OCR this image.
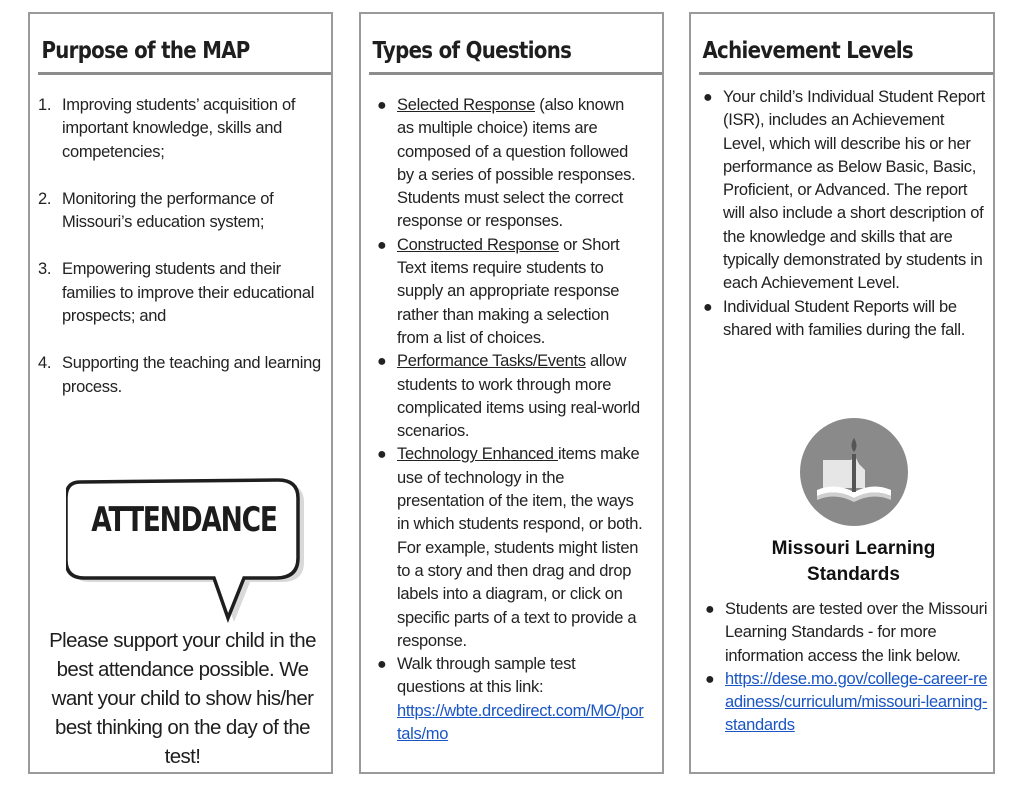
Purpose of the MAP
1. Improving students’ acquisition of important knowledge, skills and competencies;
2. Monitoring the performance of Missouri’s education system;
3. Empowering students and their families to improve their educational prospects; and
4. Supporting the teaching and learning process.
ATTENDANCE
Please support your child in the best attendance possible. We want your child to show his/her best thinking on the day of the test!
Types of Questions
● Selected Response (also known as multiple choice) items are composed of a question followed by a series of possible responses. Students must select the correct response or responses.
● Constructed Response or Short Text items require students to supply an appropriate response rather than making a selection from a list of choices.
● Performance Tasks/Events allow students to work through more complicated items using real-world scenarios.
● Technology Enhanced items make use of technology in the presentation of the item, the ways in which students respond, or both. For example, students might listen to a story and then drag and drop labels into a diagram, or click on specific parts of a text to provide a response.
● Walk through sample test questions at this link:
https://wbte.drcedirect.com/MO/portals/mo
Achievement Levels
● Your child’s Individual Student Report (ISR), includes an Achievement Level, which will describe his or her performance as Below Basic, Basic, Proficient, or Advanced. The report will also include a short description of the knowledge and skills that are typically demonstrated by students in each Achievement Level.
● Individual Student Reports will be shared with families during the fall.
Missouri Learning Standards
● Students are tested over the Missouri Learning Standards - for more information access the link below.
● https://dese.mo.gov/college-career-readiness/curriculum/missouri-learning-standards
